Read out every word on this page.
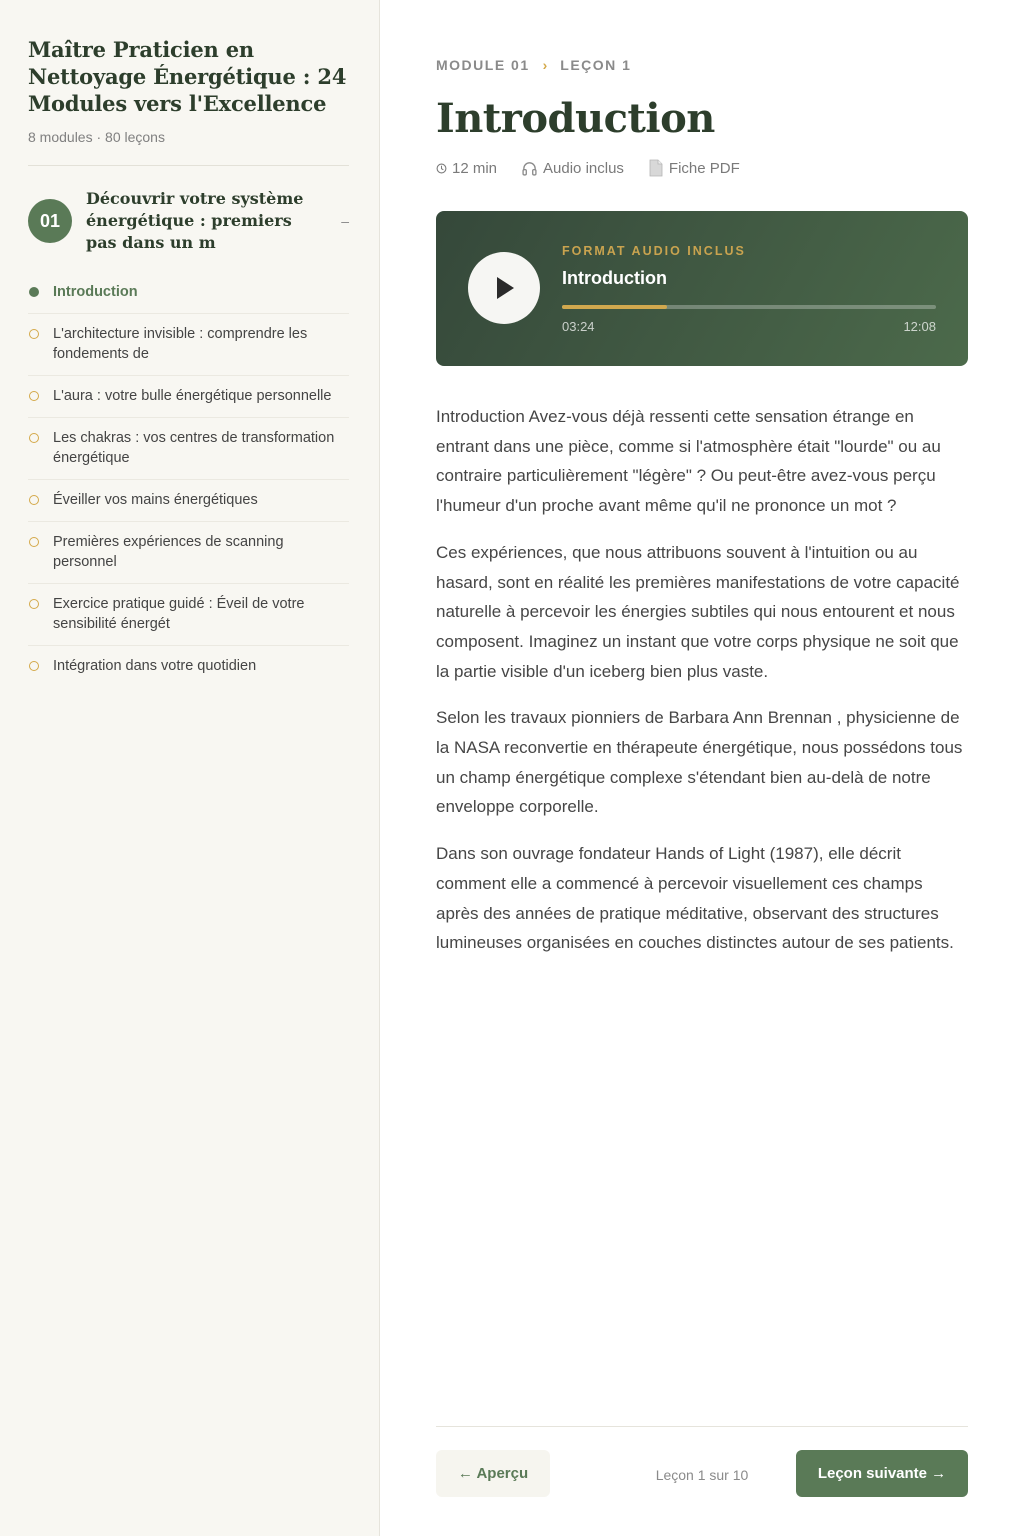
Maître Praticien en Nettoyage Énergétique : 24 Modules vers l'Excellence
8 modules · 80 leçons
01
Découvrir votre système énergétique : premiers pas dans un m
–
Introduction
L'architecture invisible : comprendre les fondements de
L'aura : votre bulle énergétique personnelle
Les chakras : vos centres de transformation énergétique
Éveiller vos mains énergétiques
Premières expériences de scanning personnel
Exercice pratique guidé : Éveil de votre sensibilité énergét
Intégration dans votre quotidien
MODULE 01 › LEÇON 1
Introduction
12 min	Audio inclus	Fiche PDF
FORMAT AUDIO INCLUS
Introduction
03:24	12:08

Introduction Avez-vous déjà ressenti cette sensation étrange en entrant dans une pièce, comme si l'atmosphère était "lourde" ou au contraire particulièrement "légère" ? Ou peut-être avez-vous perçu l'humeur d'un proche avant même qu'il ne prononce un mot ?

Ces expériences, que nous attribuons souvent à l'intuition ou au hasard, sont en réalité les premières manifestations de votre capacité naturelle à percevoir les énergies subtiles qui nous entourent et nous composent. Imaginez un instant que votre corps physique ne soit que la partie visible d'un iceberg bien plus vaste.

Selon les travaux pionniers de Barbara Ann Brennan , physicienne de la NASA reconvertie en thérapeute énergétique, nous possédons tous un champ énergétique complexe s'étendant bien au-delà de notre enveloppe corporelle.

Dans son ouvrage fondateur Hands of Light (1987), elle décrit comment elle a commencé à percevoir visuellement ces champs après des années de pratique méditative, observant des structures lumineuses organisées en couches distinctes autour de ses patients.

← Aperçu	Leçon 1 sur 10	Leçon suivante →
